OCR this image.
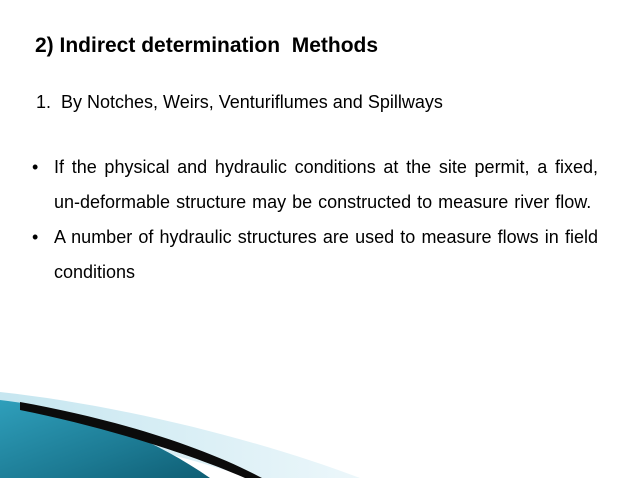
2) Indirect determination  Methods
1.  By Notches, Weirs, Venturiflumes and Spillways
• If the physical and hydraulic conditions at the site permit, a fixed, un-deformable structure may be constructed to measure river flow.
• A number of hydraulic structures are used to measure flows in field conditions
